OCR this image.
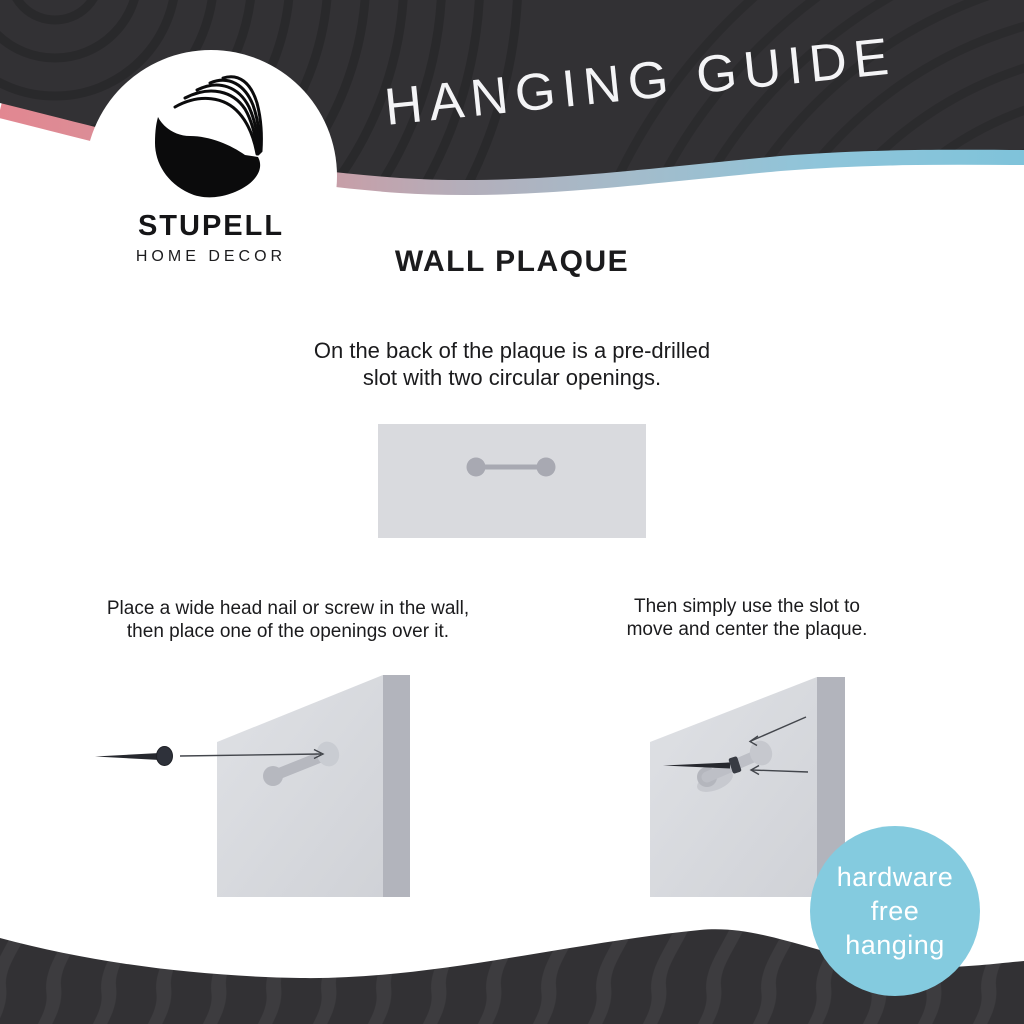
HANGING GUIDE
STUPELL
HOME DECOR	WALL PLAQUE
On the back of the plaque is a pre-drilled
slot with two circular openings.
Place a wide head nail or screw in the wall,
then place one of the openings over it.
Then simply use the slot to
move and center the plaque.
hardware
free
hanging
